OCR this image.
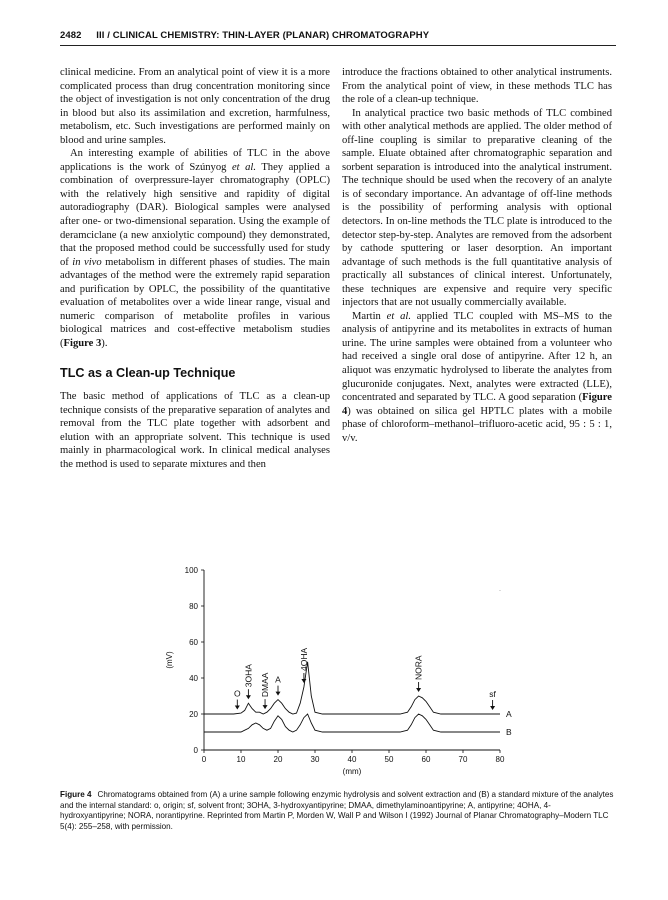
2482 III / CLINICAL CHEMISTRY: THIN-LAYER (PLANAR) CHROMATOGRAPHY

clinical medicine. From an analytical point of view it is a more complicated process than drug concentration monitoring since the object of investigation is not only concentration of the drug in blood but also its assimilation and excretion, harmfulness, metabolism, etc. Such investigations are performed mainly on blood and urine samples.

An interesting example of abilities of TLC in the above applications is the work of Szúnyog et al. They applied a combination of overpressure-layer chromatography (OPLC) with the relatively high sensitive and rapidity of digital autoradiography (DAR). Biological samples were analysed after one- or two-dimensional separation. Using the example of deramciclane (a new anxiolytic compound) they demonstrated, that the proposed method could be successfully used for study of in vivo metabolism in different phases of studies. The main advantages of the method were the extremely rapid separation and purification by OPLC, the possibility of the quantitative evaluation of metabolites over a wide linear range, visual and numeric comparison of metabolite profiles in various biological matrices and cost-effective metabolism studies (Figure 3).

TLC as a Clean-up Technique

The basic method of applications of TLC as a clean-up technique consists of the preparative separation of analytes and removal from the TLC plate together with adsorbent and elution with an appropriate solvent. This technique is used mainly in pharmacological work. In clinical medical analyses the method is used to separate mixtures and then

introduce the fractions obtained to other analytical instruments. From the analytical point of view, in these methods TLC has the role of a clean-up technique.

In analytical practice two basic methods of TLC combined with other analytical methods are applied. The older method of off-line coupling is similar to preparative cleaning of the sample. Eluate obtained after chromatographic separation and sorbent separation is introduced into the analytical instrument. The technique should be used when the recovery of an analyte is of secondary importance. An advantage of off-line methods is the possibility of performing analysis with optional detectors. In on-line methods the TLC plate is introduced to the detector step-by-step. Analytes are removed from the adsorbent by cathode sputtering or laser desorption. An important advantage of such methods is the full quantitative analysis of practically all substances of clinical interest. Unfortunately, these techniques are expensive and require very specific injectors that are not usually commercially available.

Martin et al. applied TLC coupled with MS–MS to the analysis of antipyrine and its metabolites in extracts of human urine. The urine samples were obtained from a volunteer who had received a single oral dose of antipyrine. After 12 h, an aliquot was enzymatic hydrolysed to liberate the analytes from glucuronide conjugates. Next, analytes were extracted (LLE), concentrated and separated by TLC. A good separation (Figure 4) was obtained on silica gel HPTLC plates with a mobile phase of chloroform–methanol–trifluoro-acetic acid, 95 : 5 : 1, v/v.

0	10	20	30	40	50	60	70	80
0
20
40
60
80
100
A
B
O
3OHA DMAA A
4OHA	NORA
sf
(mm)
(mV)
Figure 4 Chromatograms obtained from (A) a urine sample following enzymic hydrolysis and solvent extraction and (B) a standard mixture of the analytes and the internal standard: o, origin; sf, solvent front; 3OHA, 3-hydroxyantipyrine; DMAA, dimethylaminoantipyrine; A, antipyrine; 4OHA, 4-hydroxyantipyrine; NORA, norantipyrine. Reprinted from Martin P, Morden W, Wall P and Wilson I (1992) Journal of Planar Chromatography–Modern TLC 5(4): 255–258, with permission.
